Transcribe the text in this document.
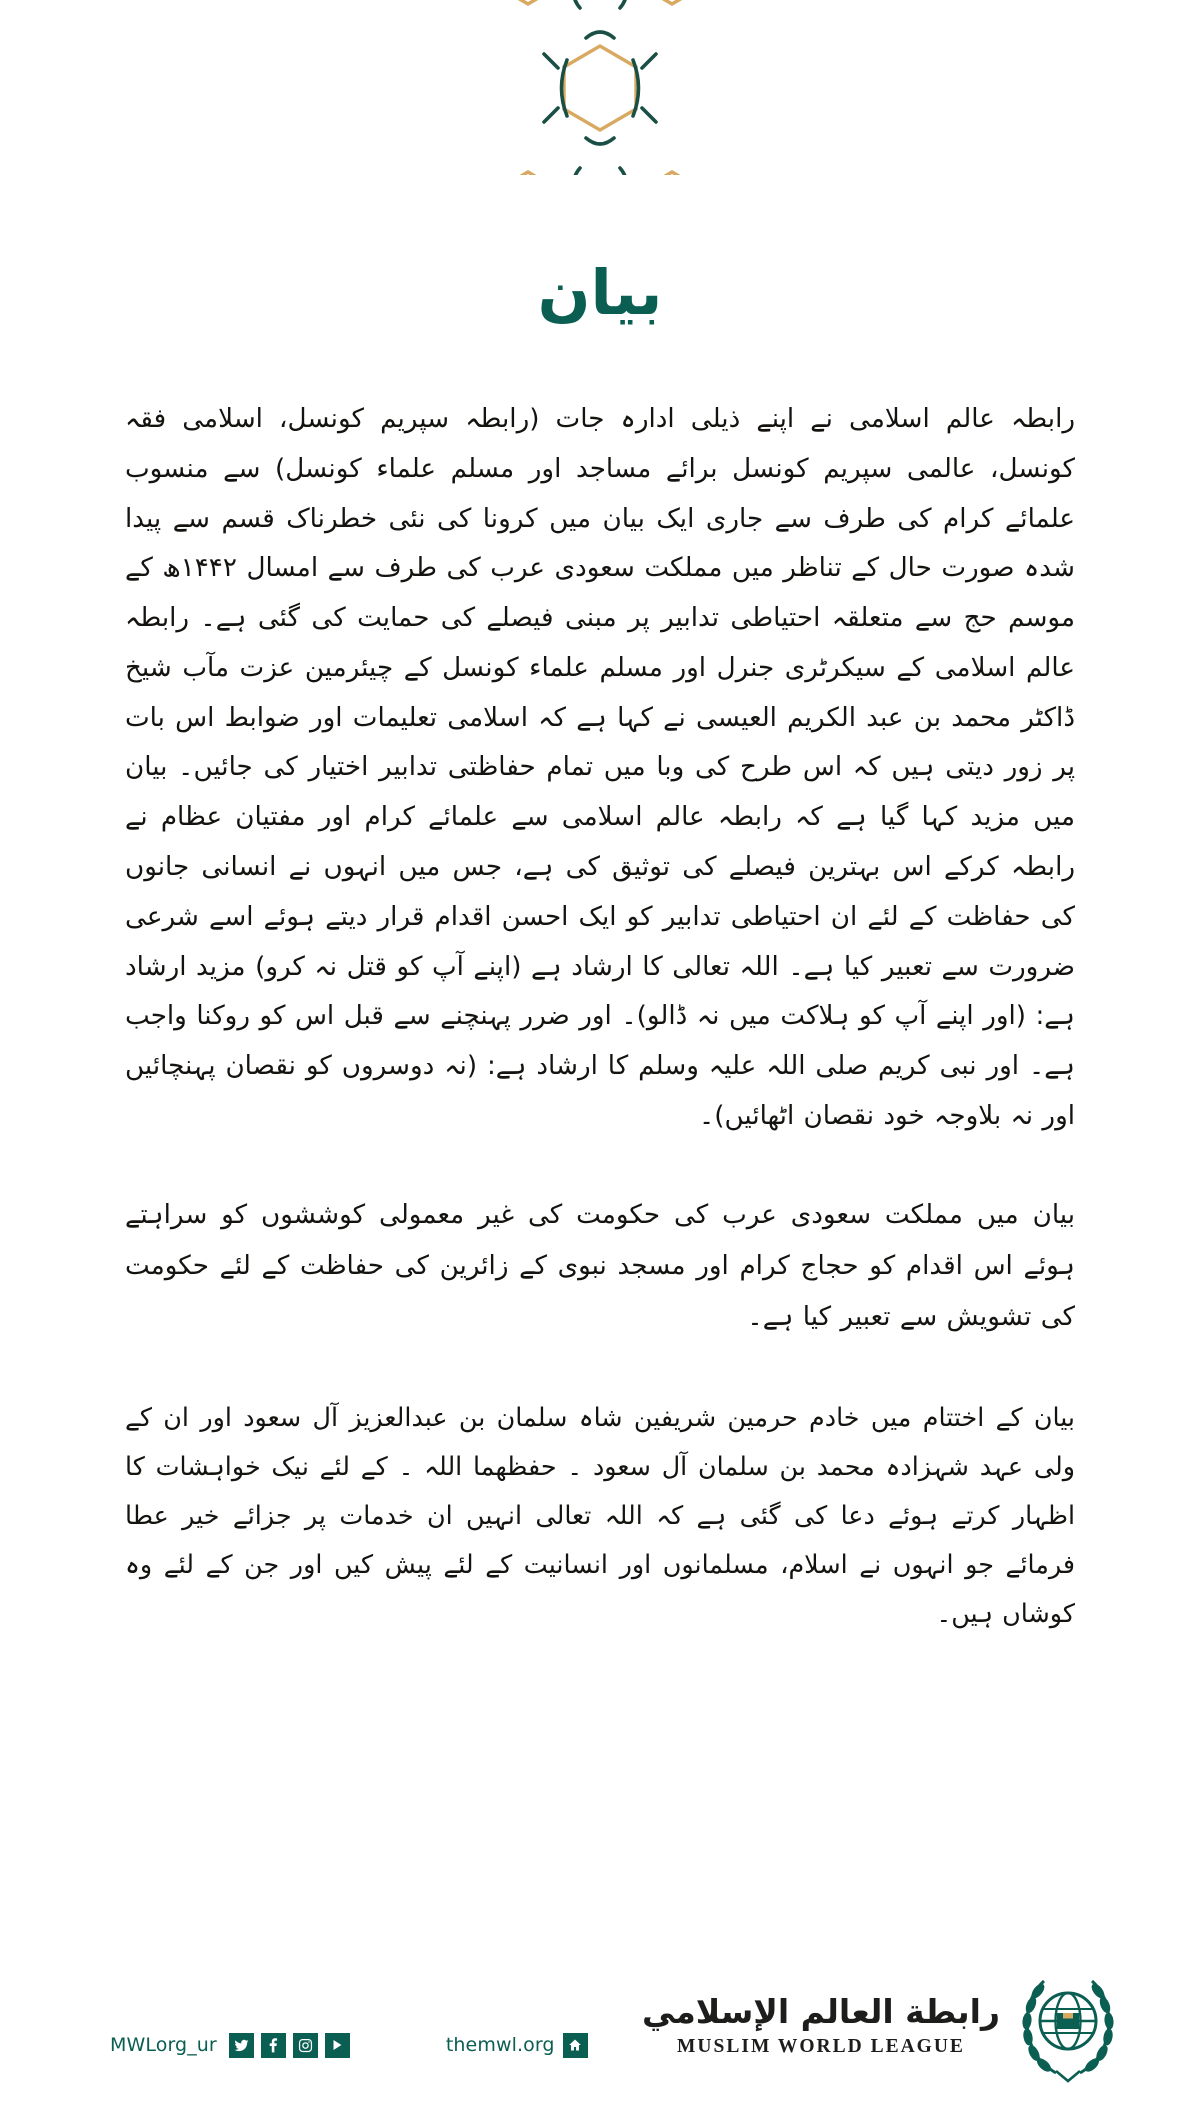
بیان

رابطہ عالم اسلامی نے اپنے ذیلی ادارہ جات (رابطہ سپریم کونسل، اسلامی فقہ کونسل، عالمی سپریم کونسل برائے مساجد اور مسلم علماء کونسل) سے منسوب علمائے کرام کی طرف سے جاری ایک بیان میں کرونا کی نئی خطرناک قسم سے پیدا شدہ صورت حال کے تناظر میں مملکت سعودی عرب کی طرف سے امسال ۱۴۴۲ھ کے موسم حج سے متعلقہ احتیاطی تدابیر پر مبنی فیصلے کی حمایت کی گئی ہے۔ رابطہ عالم اسلامی کے سیکرٹری جنرل اور مسلم علماء کونسل کے چیئرمین عزت مآب شیخ ڈاکٹر محمد بن عبد الکریم العیسی نے کہا ہے کہ اسلامی تعلیمات اور ضوابط اس بات پر زور دیتی ہیں کہ اس طرح کی وبا میں تمام حفاظتی تدابیر اختیار کی جائیں۔ بیان میں مزید کہا گیا ہے کہ رابطہ عالم اسلامی سے علمائے کرام اور مفتیان عظام نے رابطہ کرکے اس بہترین فیصلے کی توثیق کی ہے، جس میں انہوں نے انسانی جانوں کی حفاظت کے لئے ان احتیاطی تدابیر کو ایک احسن اقدام قرار دیتے ہوئے اسے شرعی ضرورت سے تعبیر کیا ہے۔ اللہ تعالی کا ارشاد ہے (اپنے آپ کو قتل نہ کرو) مزید ارشاد ہے: (اور اپنے آپ کو ہلاکت میں نہ ڈالو)۔ اور ضرر پہنچنے سے قبل اس کو روکنا واجب ہے۔ اور نبی کریم صلی اللہ علیہ وسلم کا ارشاد ہے: (نہ دوسروں کو نقصان پہنچائیں اور نہ بلاوجہ خود نقصان اٹھائیں)۔

بیان میں مملکت سعودی عرب کی حکومت کی غیر معمولی کوششوں کو سراہتے ہوئے اس اقدام کو حجاج کرام اور مسجد نبوی کے زائرین کی حفاظت کے لئے حکومت کی تشویش سے تعبیر کیا ہے۔

بیان کے اختتام میں خادم حرمین شریفین شاہ سلمان بن عبدالعزیز آل سعود اور ان کے ولی عہد شہزادہ محمد بن سلمان آل سعود ۔ حفظهما اللہ ۔ کے لئے نیک خواہشات کا اظہار کرتے ہوئے دعا کی گئی ہے کہ اللہ تعالی انہیں ان خدمات پر جزائے خیر عطا فرمائے جو انہوں نے اسلام، مسلمانوں اور انسانیت کے لئے پیش کیں اور جن کے لئے وہ کوشاں ہیں۔

MWLorg_ur	themwl.org
رابطة العالم الإسلامي
MUSLIM WORLD LEAGUE
